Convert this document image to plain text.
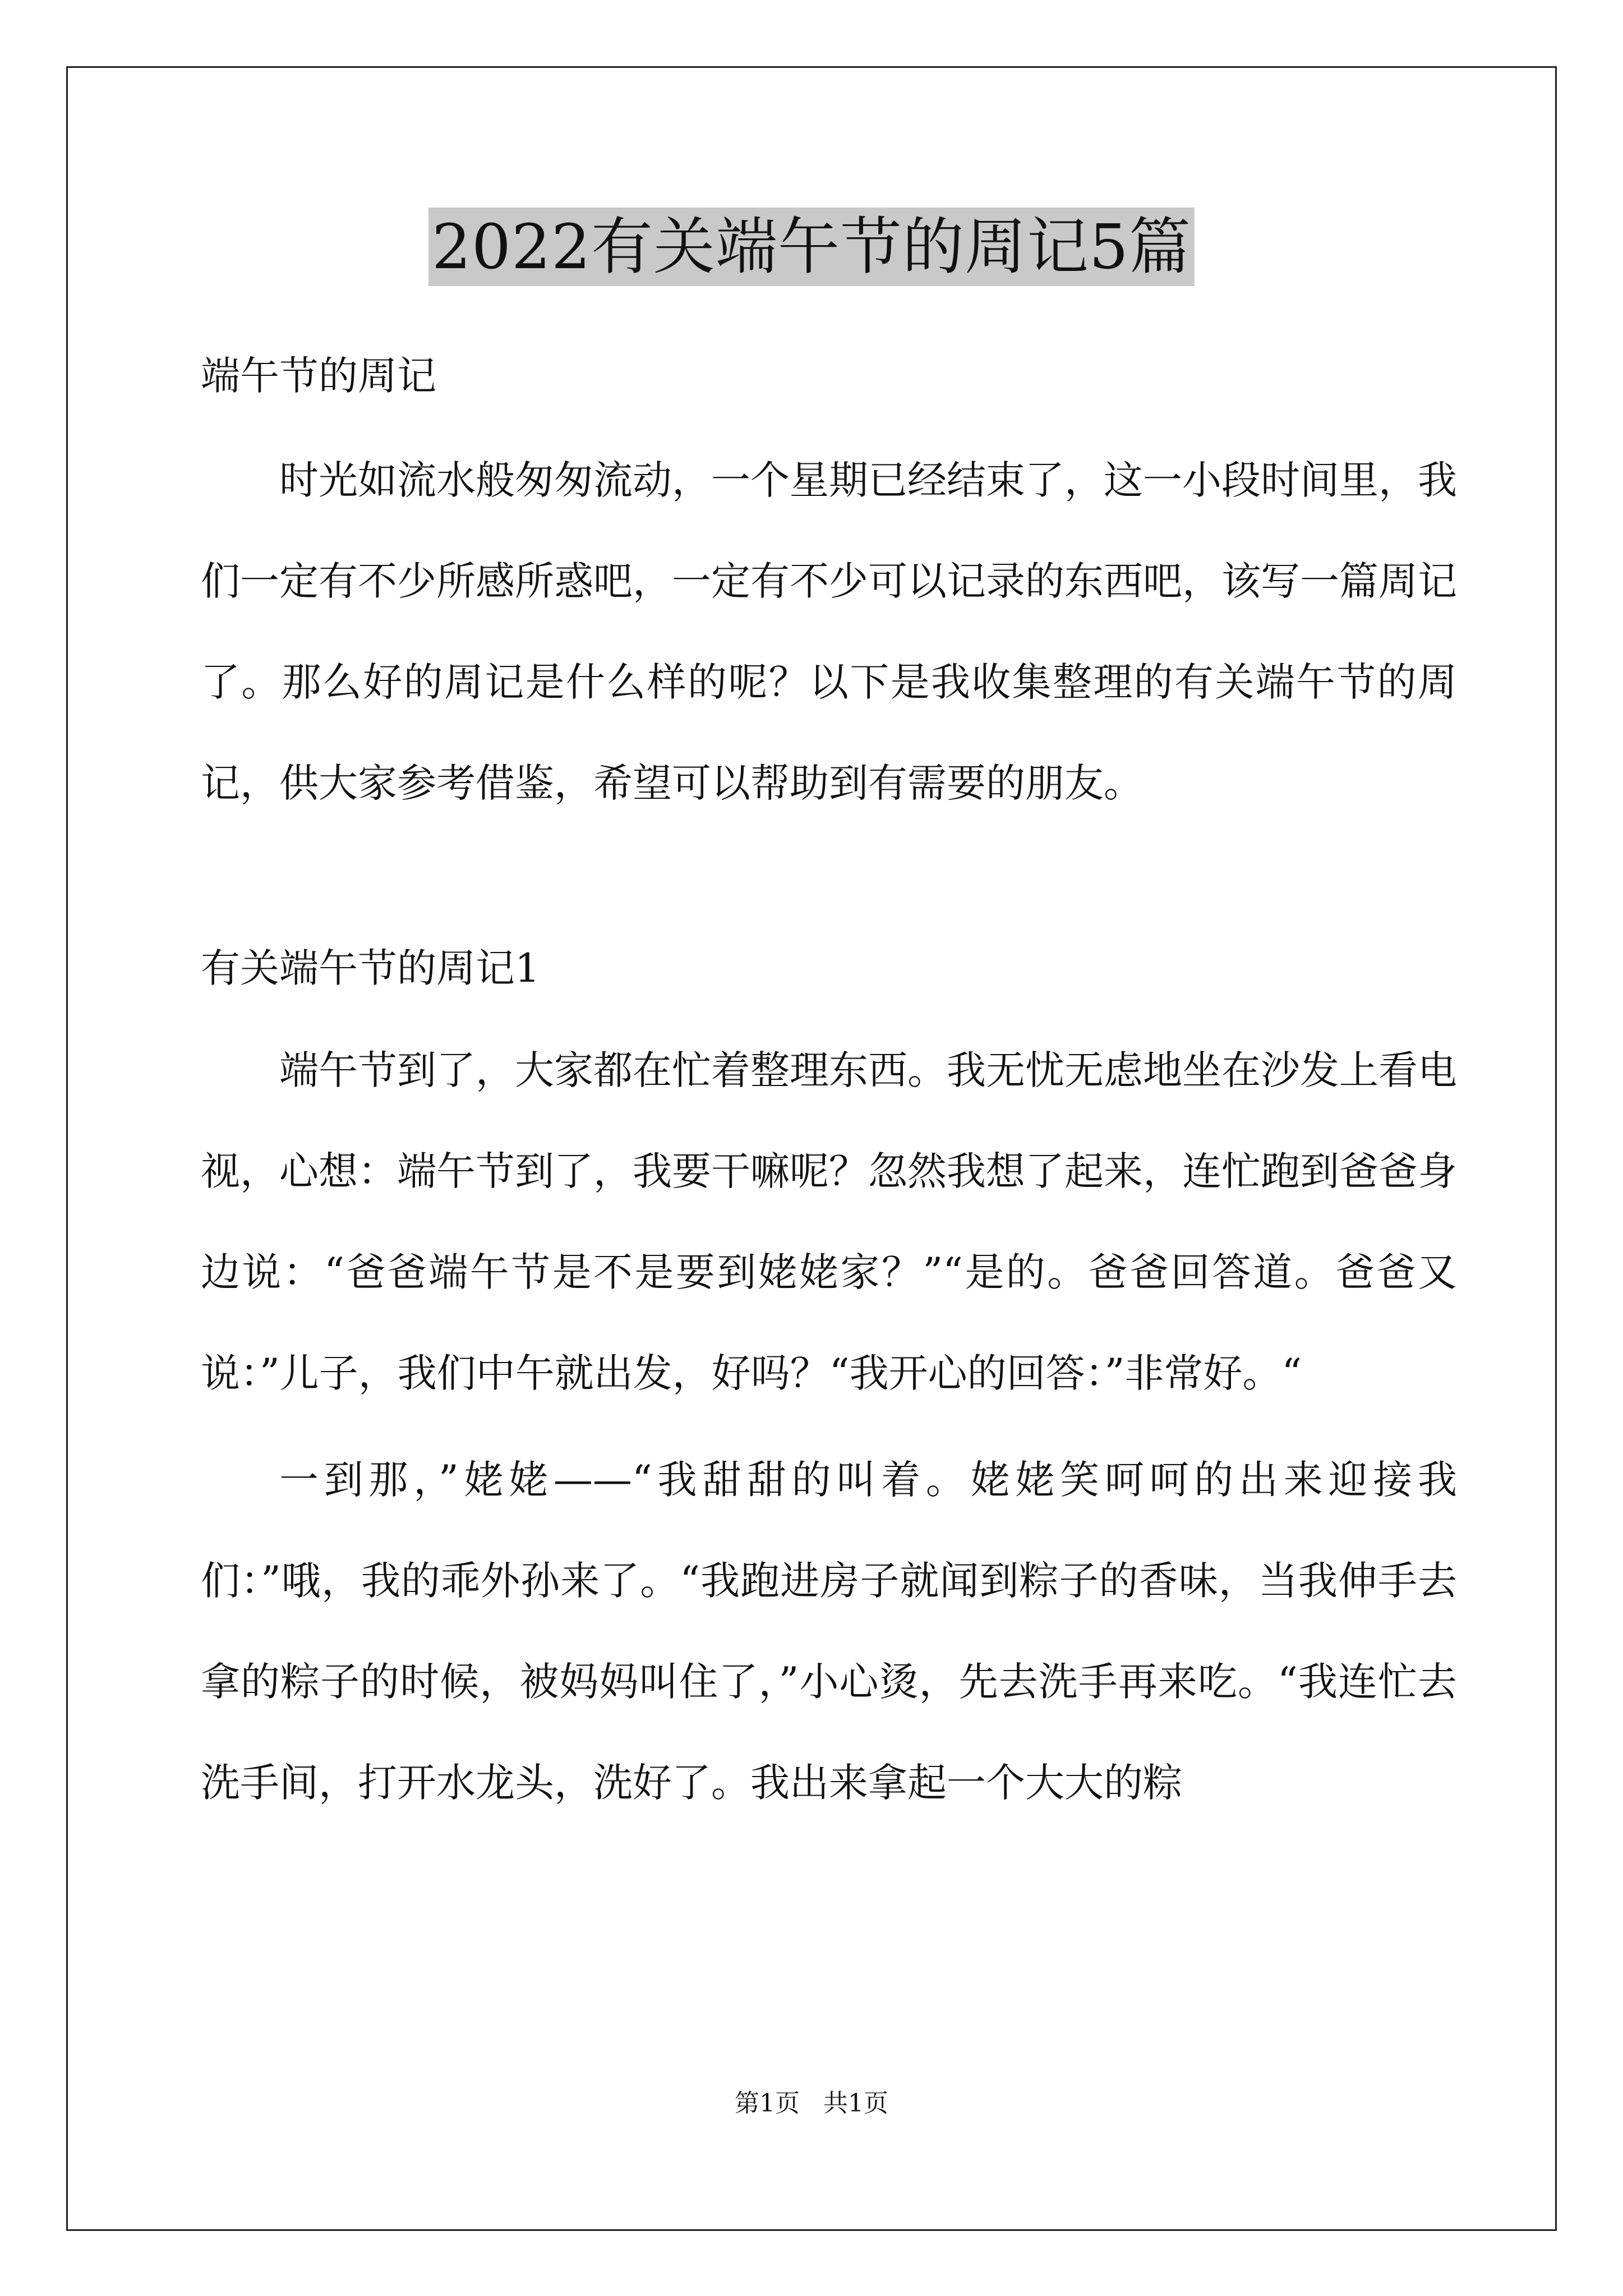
2022有关端午节的周记5篇

端午节的周记

时光如流水般匆匆流动，一个星期已经结束了，这一小段时间里，我们一定有不少所感所惑吧，一定有不少可以记录的东西吧，该写一篇周记了。那么好的周记是什么样的呢？以下是我收集整理的有关端午节的周记，供大家参考借鉴，希望可以帮助到有需要的朋友。

有关端午节的周记1

端午节到了，大家都在忙着整理东西。我无忧无虑地坐在沙发上看电视，心想：端午节到了，我要干嘛呢？忽然我想了起来，连忙跑到爸爸身边说：“爸爸端午节是不是要到姥姥家？”“是的。爸爸回答道。爸爸又说：”儿子，我们中午就出发，好吗？“我开心的回答：”非常好。“

一到那，”姥姥——“我甜甜的叫着。姥姥笑呵呵的出来迎接我们：”哦，我的乖外孙来了。“我跑进房子就闻到粽子的香味，当我伸手去拿的粽子的时候，被妈妈叫住了，”小心烫，先去洗手再来吃。“我连忙去洗手间，打开水龙头，洗好了。我出来拿起一个大大的粽

第1页 共1页
